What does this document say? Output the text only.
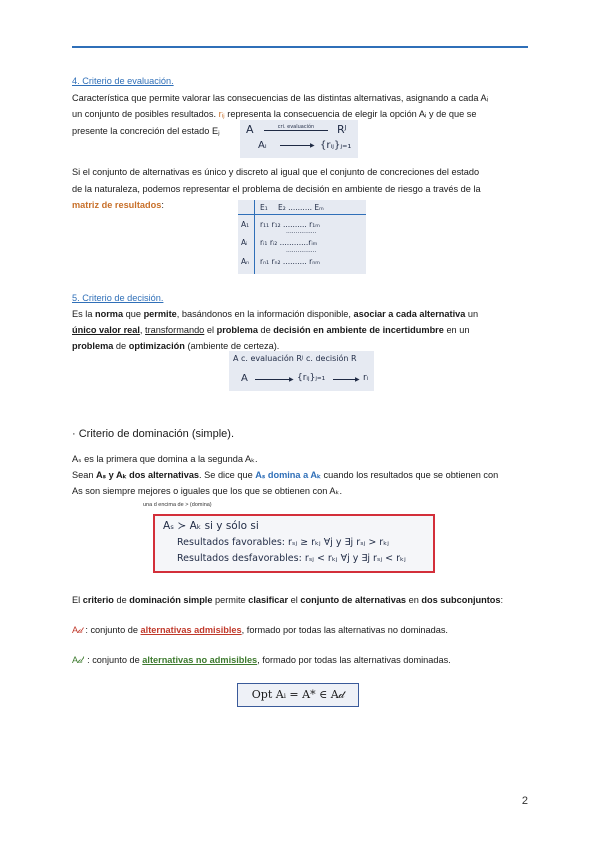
4. Criterio de evaluación.
Característica que permite valorar las consecuencias de las distintas alternativas, asignando a cada Aᵢ
un conjunto de posibles resultados. rᵢⱼ representa la consecuencia de elegir la opción Aᵢ y de que se
presente la concreción del estado Eⱼ A	cri. evaluación	Rᴶ
Aᵢ	▶ {rᵢⱼ}ⱼ₌₁
Si el conjunto de alternativas es único y discreto al igual que el conjunto de concreciones del estado
de la naturaleza, podemos representar el problema de decisión en ambiente de riesgo a través de la
matriz de resultados:	E₁ E₂ .......... Eₘ
A₁ r₁₁ r₁₂ .......... r₁ₘ
................
Aᵢ rᵢ₁ rᵢ₂ ............rᵢₘ
................
Aₙ rₙ₁ rₙ₂ .......... rₙₘ
5. Criterio de decisión.
Es la norma que permite, basándonos en la información disponible, asociar a cada alternativa un
único valor real, transformando el problema de decisión en ambiente de incertidumbre en un
problema de optimización (ambiente de certeza).
A c. evaluación Rᴶ c. decisión R
A	▶ {rᵢⱼ}ⱼ₌₁	▶ rᵢ
· Criterio de dominación (simple).
Aₛ es la primera que domina a la segunda Aₖ.
Sean Aₛ y Aₖ dos alternativas. Se dice que Aₛ domina a Aₖ cuando los resultados que se obtienen con
As son siempre mejores o iguales que los que se obtienen con Aₖ.
una d encima de > (domina)
Aₛ ≻ Aₖ si y sólo si
Resultados favorables: rₛⱼ ≥ rₖⱼ ∀j y ∃j rₛⱼ > rₖⱼ
Resultados desfavorables: rₛⱼ < rₖⱼ ∀j y ∃j rₛⱼ < rₖⱼ
El criterio de dominación simple permite clasificar el conjunto de alternativas en dos subconjuntos:
A𝒹 : conjunto de alternativas admisibles, formado por todas las alternativas no dominadas.
A𝒹' : conjunto de alternativas no admisibles, formado por todas las alternativas dominadas.
Opt Aᵢ = A* ∈ A𝒹
2
